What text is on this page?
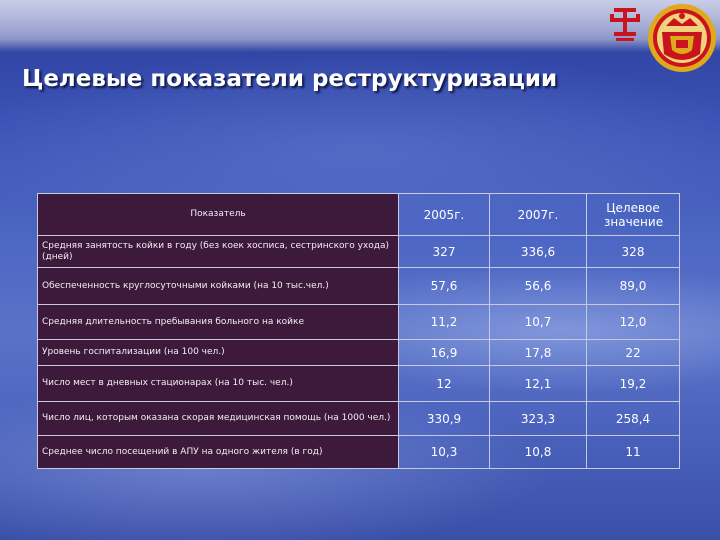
Целевые показатели реструктуризации
Показатель	2005г.	2007г.	Целевое значение

Средняя занятость койки в году (без коек хосписа, сестринского ухода) (дней)	327	336,6	328
Обеспеченность круглосуточными койками (на 10 тыс.чел.)	57,6	56,6	89,0
Средняя длительность пребывания больного на койке	11,2	10,7	12,0
Уровень госпитализации (на 100 чел.)	16,9	17,8	22
Число мест в дневных стационарах (на 10 тыс. чел.)	12	12,1	19,2
Число лиц, которым оказана скорая медицинская помощь (на 1000 чел.)	330,9	323,3	258,4
Среднее число посещений в АПУ на одного жителя (в год)	10,3	10,8	11
